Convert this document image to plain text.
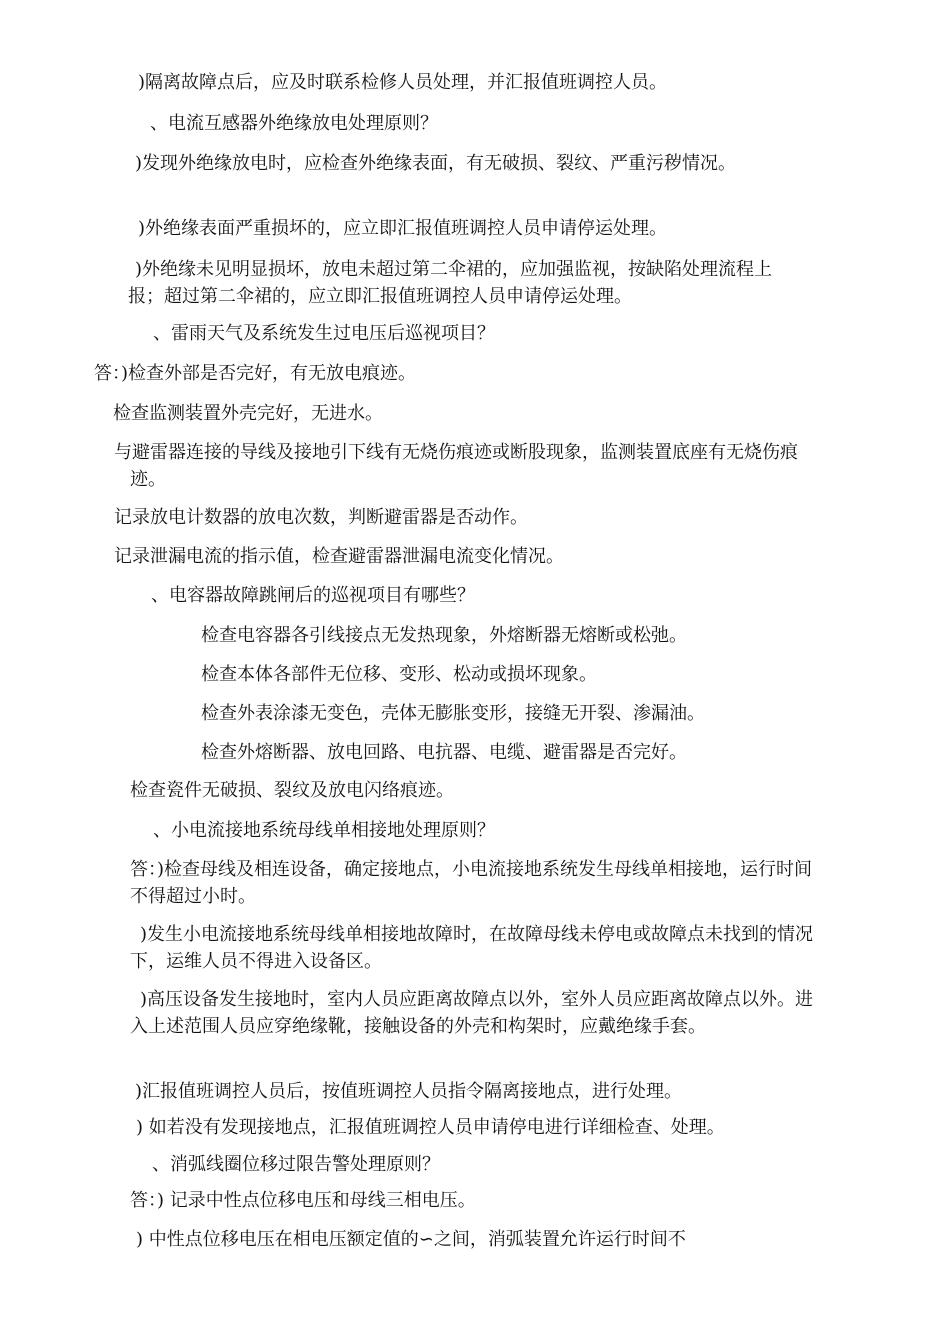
)隔离故障点后，应及时联系检修人员处理，并汇报值班调控人员。

、电流互感器外绝缘放电处理原则？

)发现外绝缘放电时，应检查外绝缘表面，有无破损、裂纹、严重污秽情况。

)外绝缘表面严重损坏的，应立即汇报值班调控人员申请停运处理。

)外绝缘未见明显损坏，放电未超过第二伞裙的，应加强监视，按缺陷处理流程上报；超过第二伞裙的，应立即汇报值班调控人员申请停运处理。

、雷雨天气及系统发生过电压后巡视项目？

答：)检查外部是否完好，有无放电痕迹。

检查监测装置外壳完好，无进水。

与避雷器连接的导线及接地引下线有无烧伤痕迹或断股现象，监测装置底座有无烧伤痕迹。

记录放电计数器的放电次数，判断避雷器是否动作。

记录泄漏电流的指示值，检查避雷器泄漏电流变化情况。

、电容器故障跳闸后的巡视项目有哪些？

检查电容器各引线接点无发热现象，外熔断器无熔断或松弛。

检查本体各部件无位移、变形、松动或损坏现象。

检查外表涂漆无变色，壳体无膨胀变形，接缝无开裂、渗漏油。

检查外熔断器、放电回路、电抗器、电缆、避雷器是否完好。

检查瓷件无破损、裂纹及放电闪络痕迹。

、小电流接地系统母线单相接地处理原则？

答：)检查母线及相连设备，确定接地点，小电流接地系统发生母线单相接地，运行时间不得超过小时。

)发生小电流接地系统母线单相接地故障时，在故障母线未停电或故障点未找到的情况下，运维人员不得进入设备区。

)高压设备发生接地时，室内人员应距离故障点以外，室外人员应距离故障点以外。进入上述范围人员应穿绝缘靴，接触设备的外壳和构架时，应戴绝缘手套。

)汇报值班调控人员后，按值班调控人员指令隔离接地点，进行处理。

) 如若没有发现接地点，汇报值班调控人员申请停电进行详细检查、处理。

、消弧线圈位移过限告警处理原则？

答：) 记录中性点位移电压和母线三相电压。

) 中性点位移电压在相电压额定值的∽之间，消弧装置允许运行时间不
